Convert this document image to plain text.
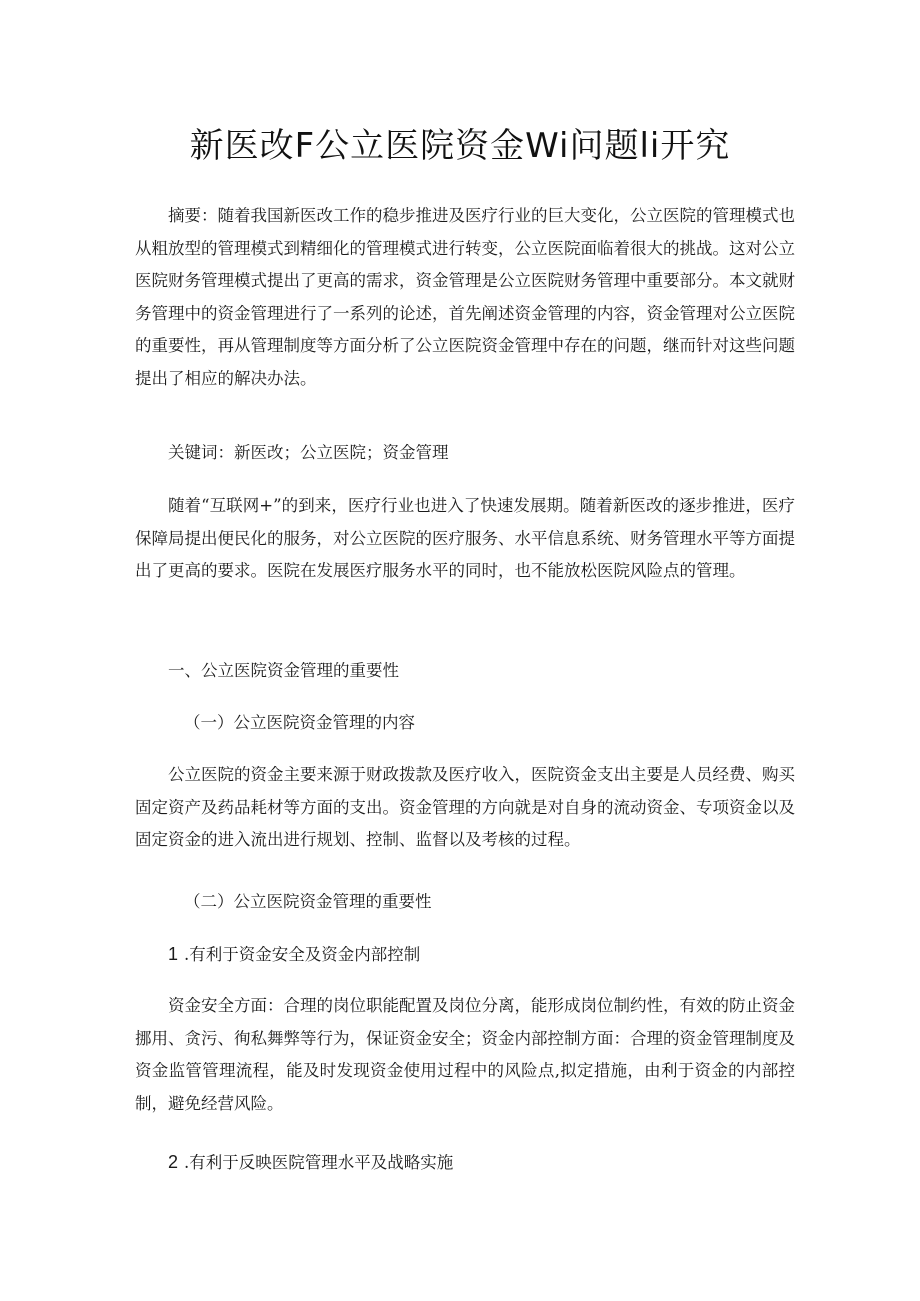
新医改F公立医院资金Wi问题li开究

摘要：随着我国新医改工作的稳步推进及医疗行业的巨大变化，公立医院的管理模式也从粗放型的管理模式到精细化的管理模式进行转变，公立医院面临着很大的挑战。这对公立医院财务管理模式提出了更高的需求，资金管理是公立医院财务管理中重要部分。本文就财务管理中的资金管理进行了一系列的论述，首先阐述资金管理的内容，资金管理对公立医院的重要性，再从管理制度等方面分析了公立医院资金管理中存在的问题，继而针对这些问题提出了相应的解决办法。

关键词：新医改；公立医院；资金管理

随着“互联网+”的到来，医疗行业也进入了快速发展期。随着新医改的逐步推进，医疗保障局提出便民化的服务，对公立医院的医疗服务、水平信息系统、财务管理水平等方面提出了更高的要求。医院在发展医疗服务水平的同时，也不能放松医院风险点的管理。

一、公立医院资金管理的重要性

（一）公立医院资金管理的内容

公立医院的资金主要来源于财政拨款及医疗收入，医院资金支出主要是人员经费、购买固定资产及药品耗材等方面的支出。资金管理的方向就是对自身的流动资金、专项资金以及固定资金的进入流出进行规划、控制、监督以及考核的过程。

（二）公立医院资金管理的重要性

1 .有利于资金安全及资金内部控制

资金安全方面：合理的岗位职能配置及岗位分离，能形成岗位制约性，有效的防止资金挪用、贪污、徇私舞弊等行为，保证资金安全；资金内部控制方面：合理的资金管理制度及资金监管管理流程，能及时发现资金使用过程中的风险点,拟定措施，由利于资金的内部控制，避免经营风险。

2 .有利于反映医院管理水平及战略实施
